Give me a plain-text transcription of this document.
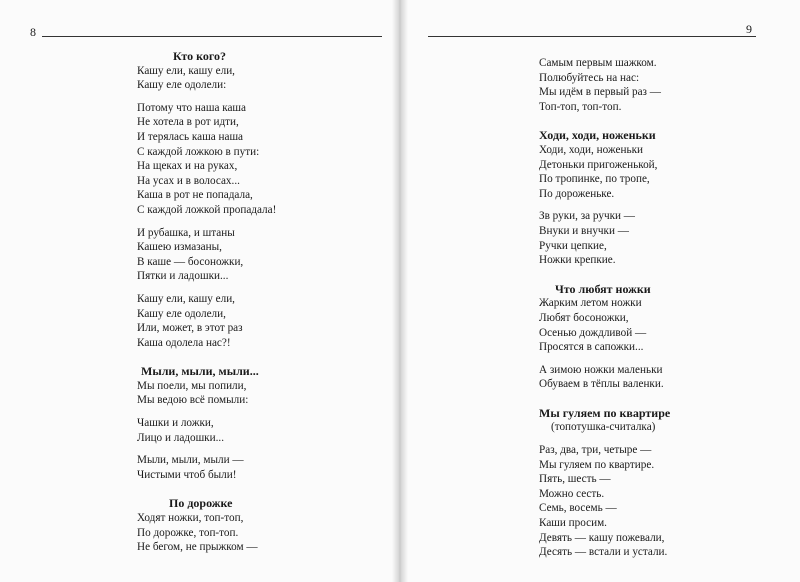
8	9
Кто кого?
Кашу ели, кашу ели,
Кашу еле одолели:
Потому что наша каша
Не хотела в рот идти,
И терялась каша наша
С каждой ложкою в пути:
На щеках и на руках,
На усах и в волосах...
Каша в рот не попадала,
С каждой ложкой пропадала!
И рубашка, и штаны
Кашею измазаны,
В каше — босоножки,
Пятки и ладошки...
Кашу ели, кашу ели,
Кашу еле одолели,
Или, может, в этот раз
Каша одолела нас?!
Мыли, мыли, мыли...
Мы поели, мы попили,
Мы ведою всё помыли:
Чашки и ложки,
Лицо и ладошки...
Мыли, мыли, мыли —
Чистыми чтоб были!
По дорожке
Ходят ножки, топ-топ,
По дорожке, топ-топ.
Не бегом, не прыжком —
Самым первым шажком.
Полюбуйтесь на нас:
Мы идём в первый раз —
Топ-топ, топ-топ.
Ходи, ходи, ноженьки
Ходи, ходи, ноженьки
Детоньки пригоженькой,
По тропинке, по тропе,
По дороженьке.
Зв руки, за ручки —
Внуки и внучки —
Ручки цепкие,
Ножки крепкие.
Что любят ножки
Жарким летом ножки
Любят босоножки,
Осенью дождливой —
Просятся в сапожки...
А зимою ножки маленьки
Обуваем в тёплы валенки.
Мы гуляем по квартире
(топотушка-считалка)
Раз, два, три, четыре —
Мы гуляем по квартире.
Пять, шесть —
Можно сесть.
Семь, восемь —
Каши просим.
Девять — кашу пожевали,
Десять — встали и устали.
